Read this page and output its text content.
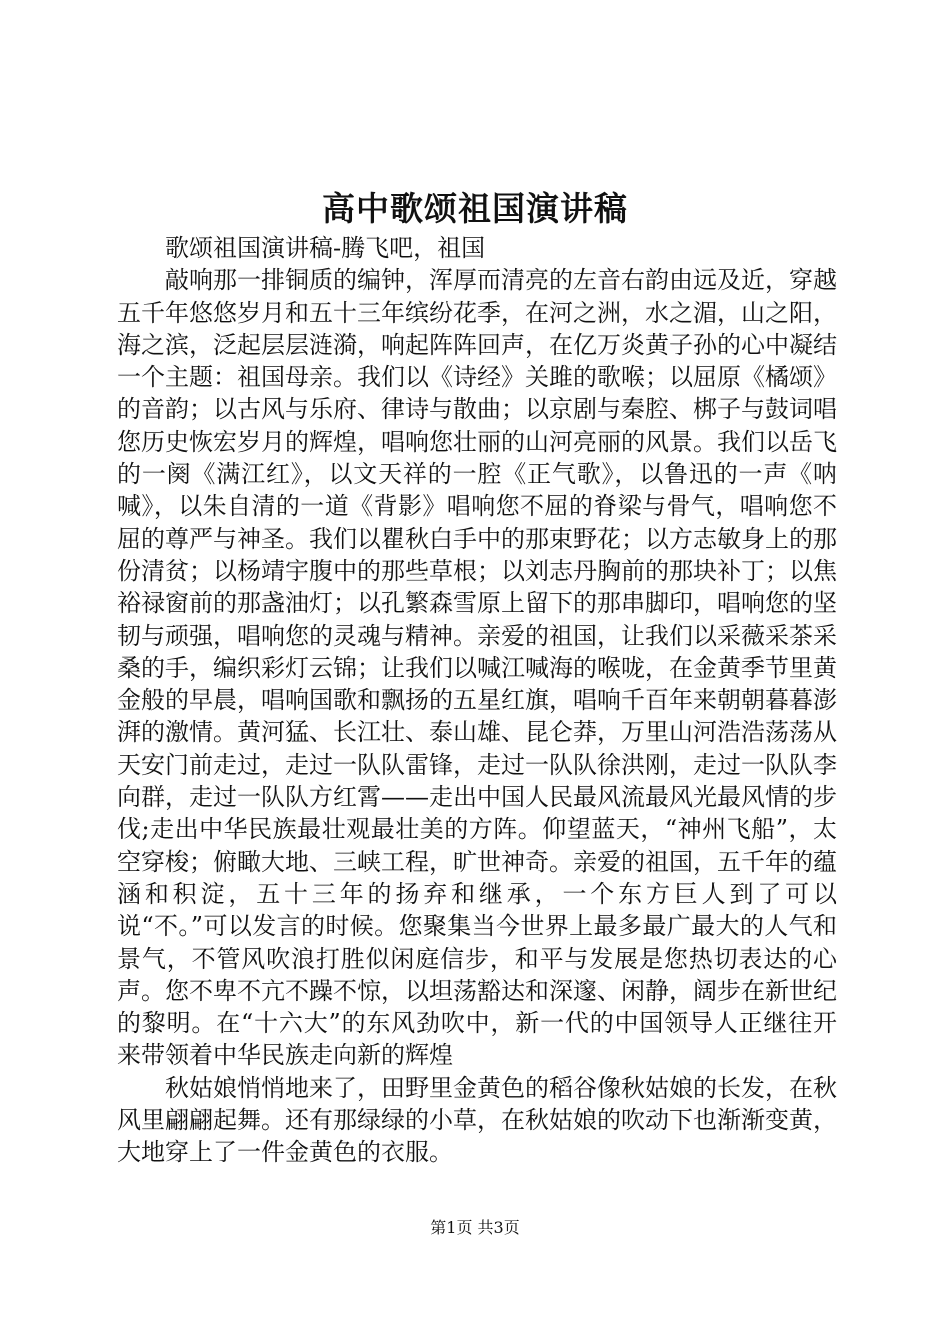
高中歌颂祖国演讲稿

歌颂祖国演讲稿-腾飞吧，祖国

敲响那一排铜质的编钟，浑厚而清亮的左音右韵由远及近，穿越五千年悠悠岁月和五十三年缤纷花季，在河之洲，水之湄，山之阳，海之滨，泛起层层涟漪，响起阵阵回声，在亿万炎黄子孙的心中凝结一个主题：祖国母亲。我们以《诗经》关雎的歌喉；以屈原《橘颂》的音韵；以古风与乐府、律诗与散曲；以京剧与秦腔、梆子与鼓词唱您历史恢宏岁月的辉煌，唱响您壮丽的山河亮丽的风景。我们以岳飞的一阕《满江红》，以文天祥的一腔《正气歌》，以鲁迅的一声《呐喊》，以朱自清的一道《背影》唱响您不屈的脊梁与骨气，唱响您不屈的尊严与神圣。我们以瞿秋白手中的那束野花；以方志敏身上的那份清贫；以杨靖宇腹中的那些草根；以刘志丹胸前的那块补丁；以焦裕禄窗前的那盏油灯；以孔繁森雪原上留下的那串脚印，唱响您的坚韧与顽强，唱响您的灵魂与精神。亲爱的祖国，让我们以采薇采茶采桑的手，编织彩灯云锦；让我们以喊江喊海的喉咙，在金黄季节里黄金般的早晨，唱响国歌和飘扬的五星红旗，唱响千百年来朝朝暮暮澎湃的激情。黄河猛、长江壮、泰山雄、昆仑莽，万里山河浩浩荡荡从天安门前走过，走过一队队雷锋，走过一队队徐洪刚，走过一队队李向群，走过一队队方红霄——走出中国人民最风流最风光最风情的步伐;走出中华民族最壮观最壮美的方阵。仰望蓝天，“神州飞船”，太空穿梭；俯瞰大地、三峡工程，旷世神奇。亲爱的祖国，五千年的蕴涵和积淀，五十三年的扬弃和继承，一个东方巨人到了可以说“不。”可以发言的时候。您聚集当今世界上最多最广最大的人气和景气，不管风吹浪打胜似闲庭信步，和平与发展是您热切表达的心声。您不卑不亢不躁不惊，以坦荡豁达和深邃、闲静，阔步在新世纪的黎明。在“十六大”的东风劲吹中，新一代的中国领导人正继往开来带领着中华民族走向新的辉煌

秋姑娘悄悄地来了，田野里金黄色的稻谷像秋姑娘的长发，在秋风里翩翩起舞。还有那绿绿的小草，在秋姑娘的吹动下也渐渐变黄，大地穿上了一件金黄色的衣服。

第1页 共3页
